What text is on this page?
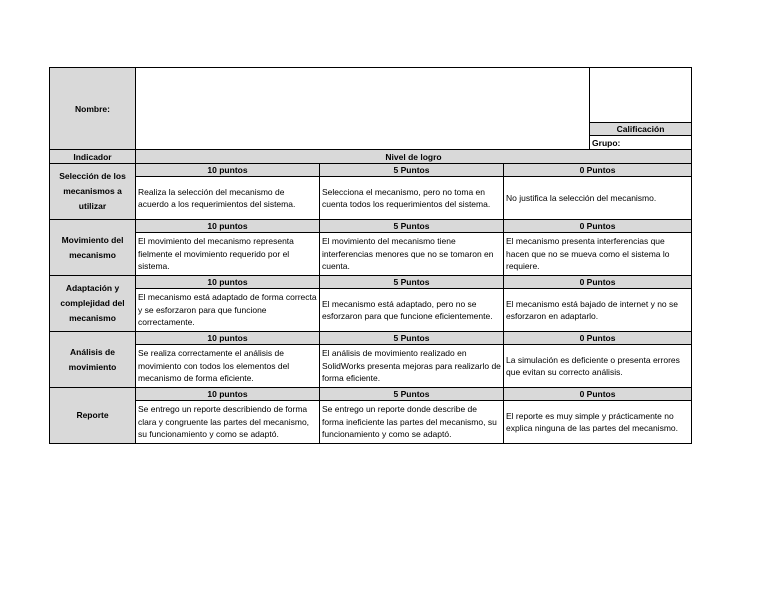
Nombre:				
				Calificación
				Grupo:
Indicador	Nivel de logro			
Selección de los mecanismos a utilizar	10 puntos	5 Puntos	0 Puntos	
	Realiza la selección del mecanismo de acuerdo a los requerimientos del sistema.	Selecciona el mecanismo, pero no toma en cuenta todos los requerimientos del sistema.	No justifica la selección del mecanismo.	
Movimiento del mecanismo	10 puntos	5 Puntos	0 Puntos	
	El movimiento del mecanismo representa fielmente el movimiento requerido por el sistema.	El movimiento del mecanismo tiene interferencias menores que no se tomaron en cuenta.	El mecanismo presenta interferencias que hacen que no se mueva como el sistema lo requiere.	
Adaptación y complejidad del mecanismo	10 puntos	5 Puntos	0 Puntos	
	El mecanismo está adaptado de forma correcta y se esforzaron para que funcione correctamente.	El mecanismo está adaptado, pero no se esforzaron para que funcione eficientemente.	El mecanismo está bajado de internet y no se esforzaron en adaptarlo.	
Análisis de movimiento	10 puntos	5 Puntos	0 Puntos	
	Se realiza correctamente el análisis de movimiento con todos los elementos del mecanismo de forma eficiente.	El análisis de movimiento realizado en SolidWorks presenta mejoras para realizarlo de forma eficiente.	La simulación es deficiente o presenta errores que evitan su correcto análisis.	
Reporte	10 puntos	5 Puntos	0 Puntos	
	Se entrego un reporte describiendo de forma clara y congruente las partes del mecanismo, su funcionamiento y como se adaptó.	Se entrego un reporte donde describe de forma ineficiente las partes del mecanismo, su funcionamiento y como se adaptó.	El reporte es muy simple y prácticamente no explica ninguna de las partes del mecanismo.	
